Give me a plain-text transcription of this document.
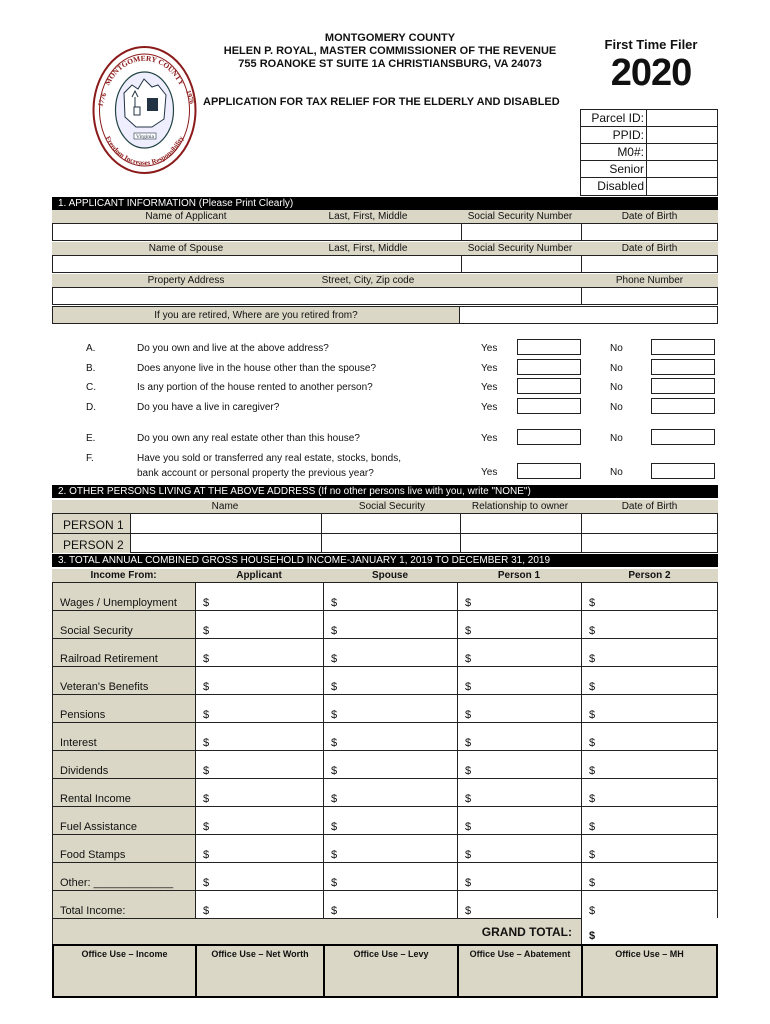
Virginia
MONTGOMERY COUNTY
Freedom Increases Responsibility
1776	1976
MONTGOMERY COUNTY
HELEN P. ROYAL, MASTER COMMISSIONER OF THE REVENUE
755 ROANOKE ST SUITE 1A CHRISTIANSBURG, VA 24073
First Time Filer
2020
APPLICATION FOR TAX RELIEF FOR THE ELDERLY AND DISABLED
Parcel ID:
PPID:
M0#:
Senior
Disabled
1. APPLICANT INFORMATION (Please Print Clearly)
Name of Applicant	Last, First, Middle	Social Security Number	Date of Birth
Name of Spouse	Last, First, Middle	Social Security Number	Date of Birth
Property Address	Street, City, Zip code	Phone Number
If you are retired, Where are you retired from?
A.	Do you own and live at the above address?	Yes	No
B.	Does anyone live in the house other than the spouse?	Yes	No
C.	Is any portion of the house rented to another person?	Yes	No
D.	Do you have a live in caregiver?	Yes	No
E.	Do you own any real estate other than this house?	Yes	No
F.	Have you sold or transferred any real estate, stocks, bonds,
bank account or personal property the previous year?	Yes	No
2. OTHER PERSONS LIVING AT THE ABOVE ADDRESS (If no other persons live with you, write "NONE")
Name	Social Security	Relationship to owner	Date of Birth
PERSON 1
PERSON 2
3. TOTAL ANNUAL COMBINED GROSS HOUSEHOLD INCOME-JANUARY 1, 2019 TO DECEMBER 31, 2019
Income From:	Applicant	Spouse	Person 1	Person 2
Wages / Unemployment	$	$	$	$
Social Security	$	$	$	$
Railroad Retirement	$	$	$	$
Veteran's Benefits	$	$	$	$
Pensions	$	$	$	$
Interest	$	$	$	$
Dividends	$	$	$	$
Rental Income	$	$	$	$
Fuel Assistance	$	$	$	$
Food Stamps	$	$	$	$
Other: _____________	$	$	$	$
Total Income:	$	$	$	$
GRAND TOTAL:	$
Office Use – Income	Office Use – Net Worth	Office Use – Levy	Office Use – Abatement	Office Use – MH
